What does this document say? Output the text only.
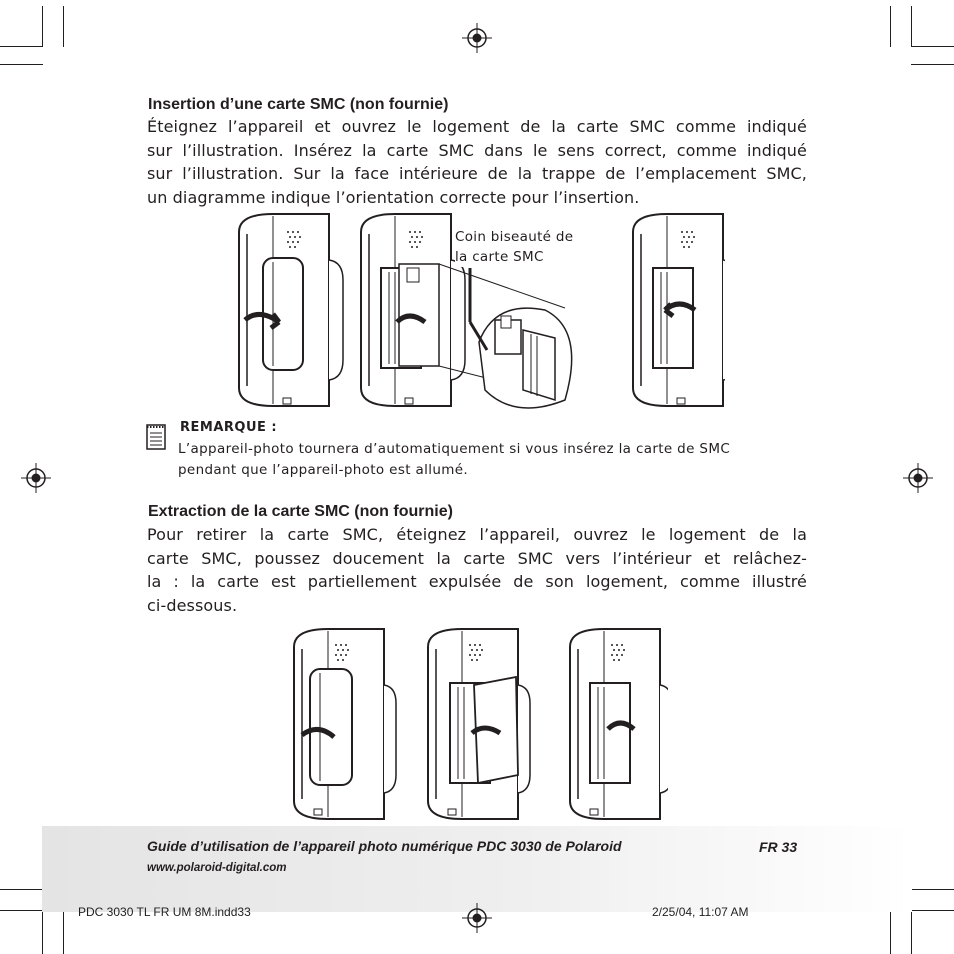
Insertion d’une carte SMC (non fournie)
Éteignez l’appareil et ouvrez le logement de la carte SMC comme indiqué
sur l’illustration. Insérez la carte SMC dans le sens correct, comme indiqué
sur l’illustration. Sur la face intérieure de la trappe de l’emplacement SMC,
un diagramme indique l’orientation correcte pour l’insertion.
Coin biseauté de
la carte SMC
REMARQUE :
L’appareil-photo tournera d’automatiquement si vous insérez la carte de SMC
pendant que l’appareil-photo est allumé.
Extraction de la carte SMC (non fournie)
Pour retirer la carte SMC, éteignez l’appareil, ouvrez le logement de la
carte SMC, poussez doucement la carte SMC vers l’intérieur et relâchez-
la : la carte est partiellement expulsée de son logement, comme illustré
ci-dessous.
Guide d’utilisation de l’appareil photo numérique PDC 3030 de Polaroid	FR 33
www.polaroid-digital.com
PDC 3030 TL FR UM 8M.indd33	2/25/04, 11:07 AM
